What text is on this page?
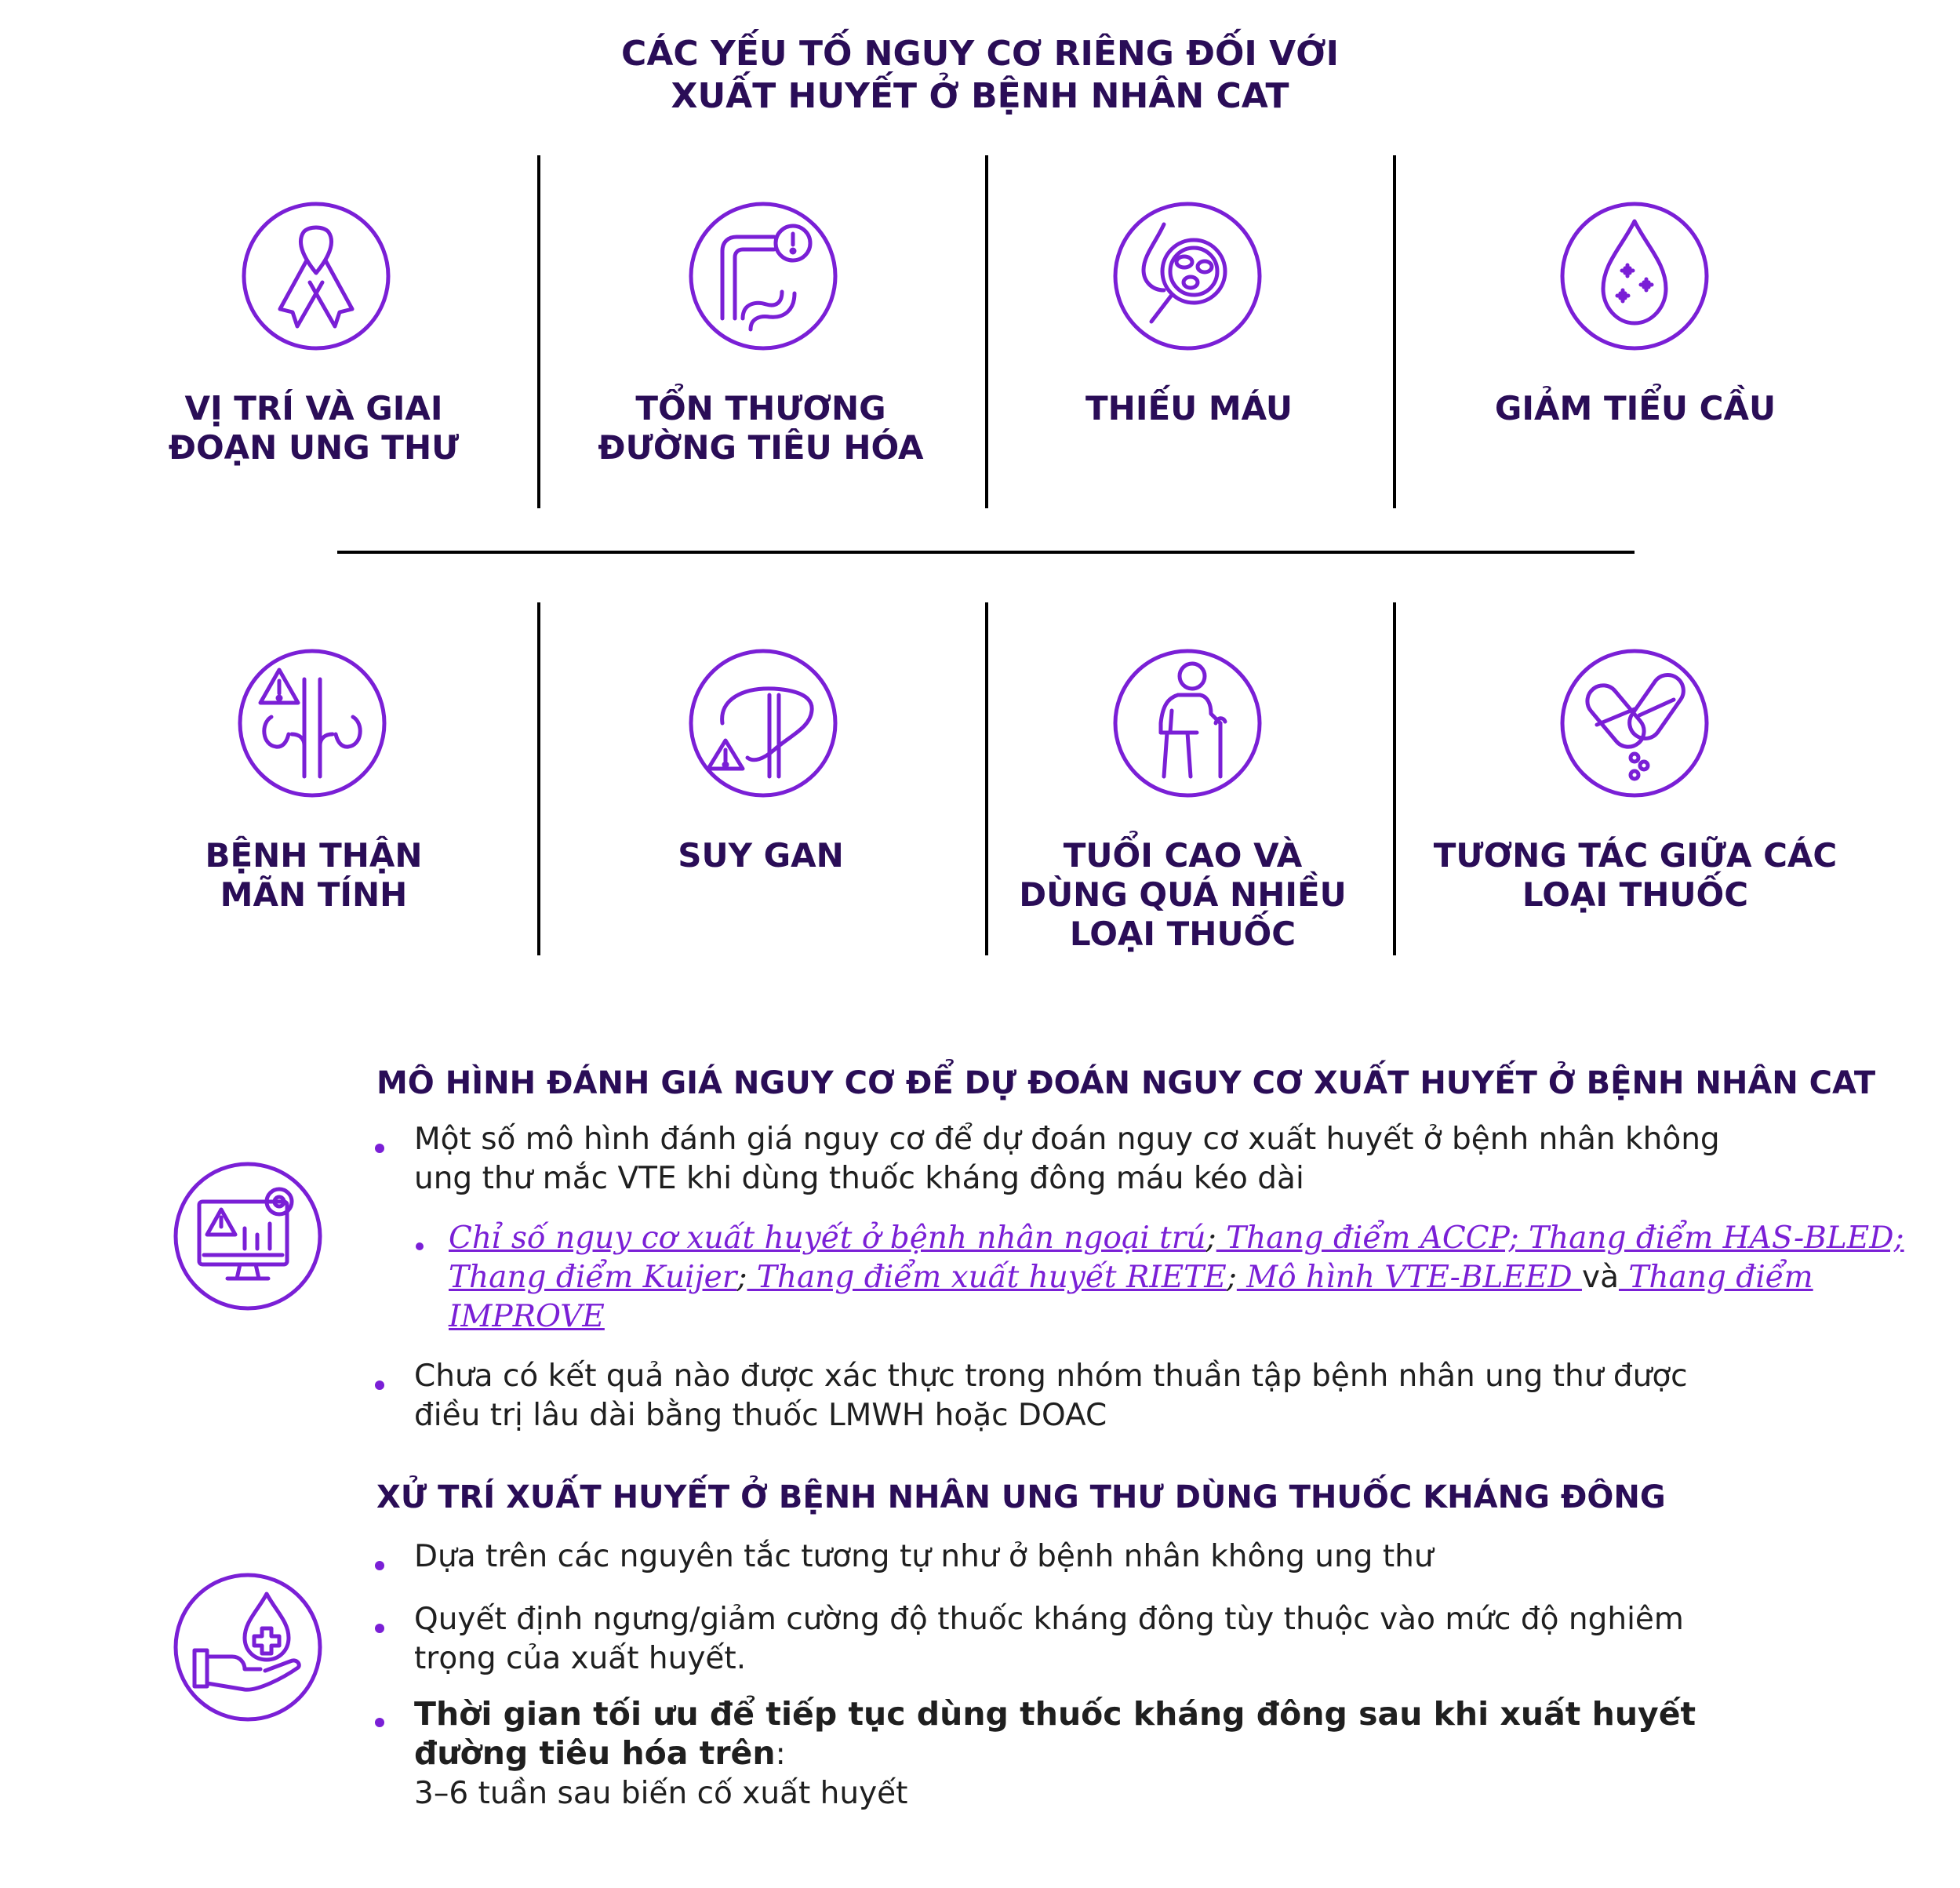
CÁC YẾU TỐ NGUY CƠ RIÊNG ĐỐI VỚI
XUẤT HUYẾT Ở BỆNH NHÂN CAT
VỊ TRÍ VÀ GIAI
ĐOẠN UNG THƯ
TỔN THƯƠNG
ĐƯỜNG TIÊU HÓA
THIẾU MÁU	GIẢM TIỂU CẦU
BỆNH THẬN
MÃN TÍNH
SUY GAN	TUỔI CAO VÀ
DÙNG QUÁ NHIỀU
LOẠI THUỐC
TƯƠNG TÁC GIỮA CÁC
LOẠI THUỐC
MÔ HÌNH ĐÁNH GIÁ NGUY CƠ ĐỂ DỰ ĐOÁN NGUY CƠ XUẤT HUYẾT Ở BỆNH NHÂN CAT
Một số mô hình đánh giá nguy cơ để dự đoán nguy cơ xuất huyết ở bệnh nhân không
ung thư mắc VTE khi dùng thuốc kháng đông máu kéo dài
Chỉ số nguy cơ xuất huyết ở bệnh nhân ngoại trú; Thang điểm ACCP; Thang điểm HAS-BLED;
Thang điểm Kuijer; Thang điểm xuất huyết RIETE; Mô hình VTE-BLEED và Thang điểm
IMPROVE
Chưa có kết quả nào được xác thực trong nhóm thuần tập bệnh nhân ung thư được
điều trị lâu dài bằng thuốc LMWH hoặc DOAC
XỬ TRÍ XUẤT HUYẾT Ở BỆNH NHÂN UNG THƯ DÙNG THUỐC KHÁNG ĐÔNG
Dựa trên các nguyên tắc tương tự như ở bệnh nhân không ung thư
Quyết định ngưng/giảm cường độ thuốc kháng đông tùy thuộc vào mức độ nghiêm
trọng của xuất huyết.
Thời gian tối ưu để tiếp tục dùng thuốc kháng đông sau khi xuất huyết
đường tiêu hóa trên:
3–6 tuần sau biến cố xuất huyết
